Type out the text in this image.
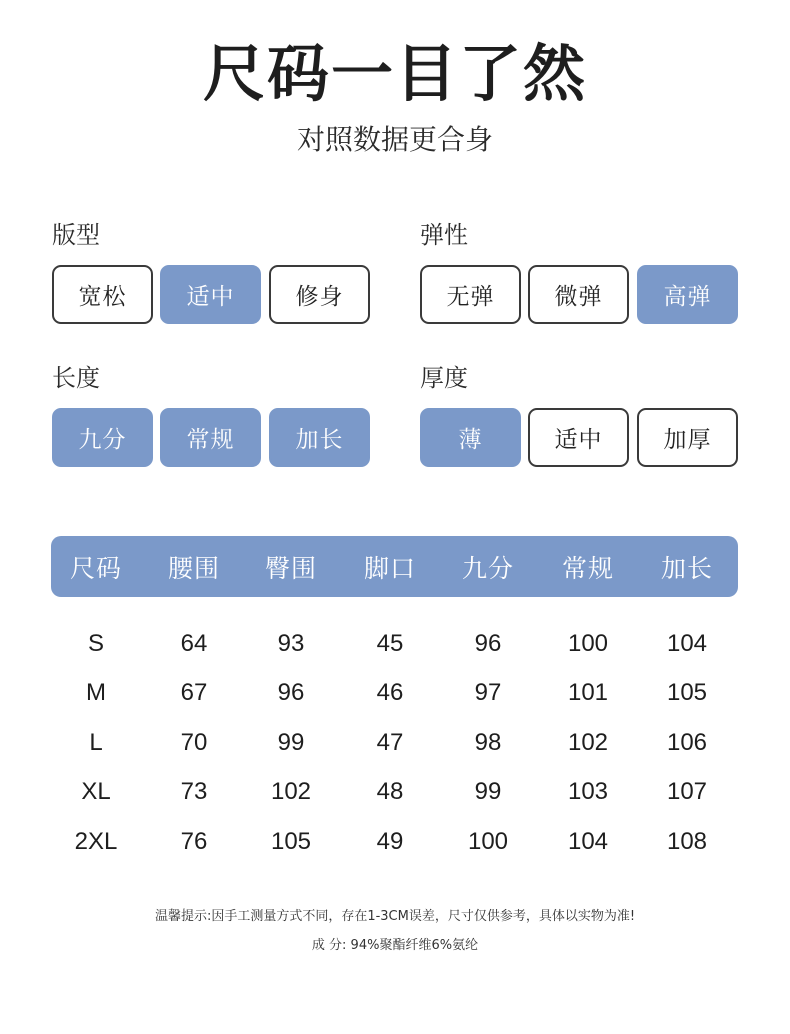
尺码一目了然
对照数据更合身
版型
宽松	适中	修身
弹性
无弹	微弹	高弹
长度
九分	常规	加长
厚度
薄	适中	加厚
尺码	腰围	臀围	脚口	九分	常规	加长
S	64	93	45	96	100	104
M	67	96	46	97	101	105
L	70	99	47	98	102	106
XL	73	102	48	99	103	107
2XL	76	105	49	100	104	108
温馨提示:因手工测量方式不同，存在1-3CM误差，尺寸仅供参考，具体以实物为准!
成 分: 94%聚酯纤维6%氨纶
